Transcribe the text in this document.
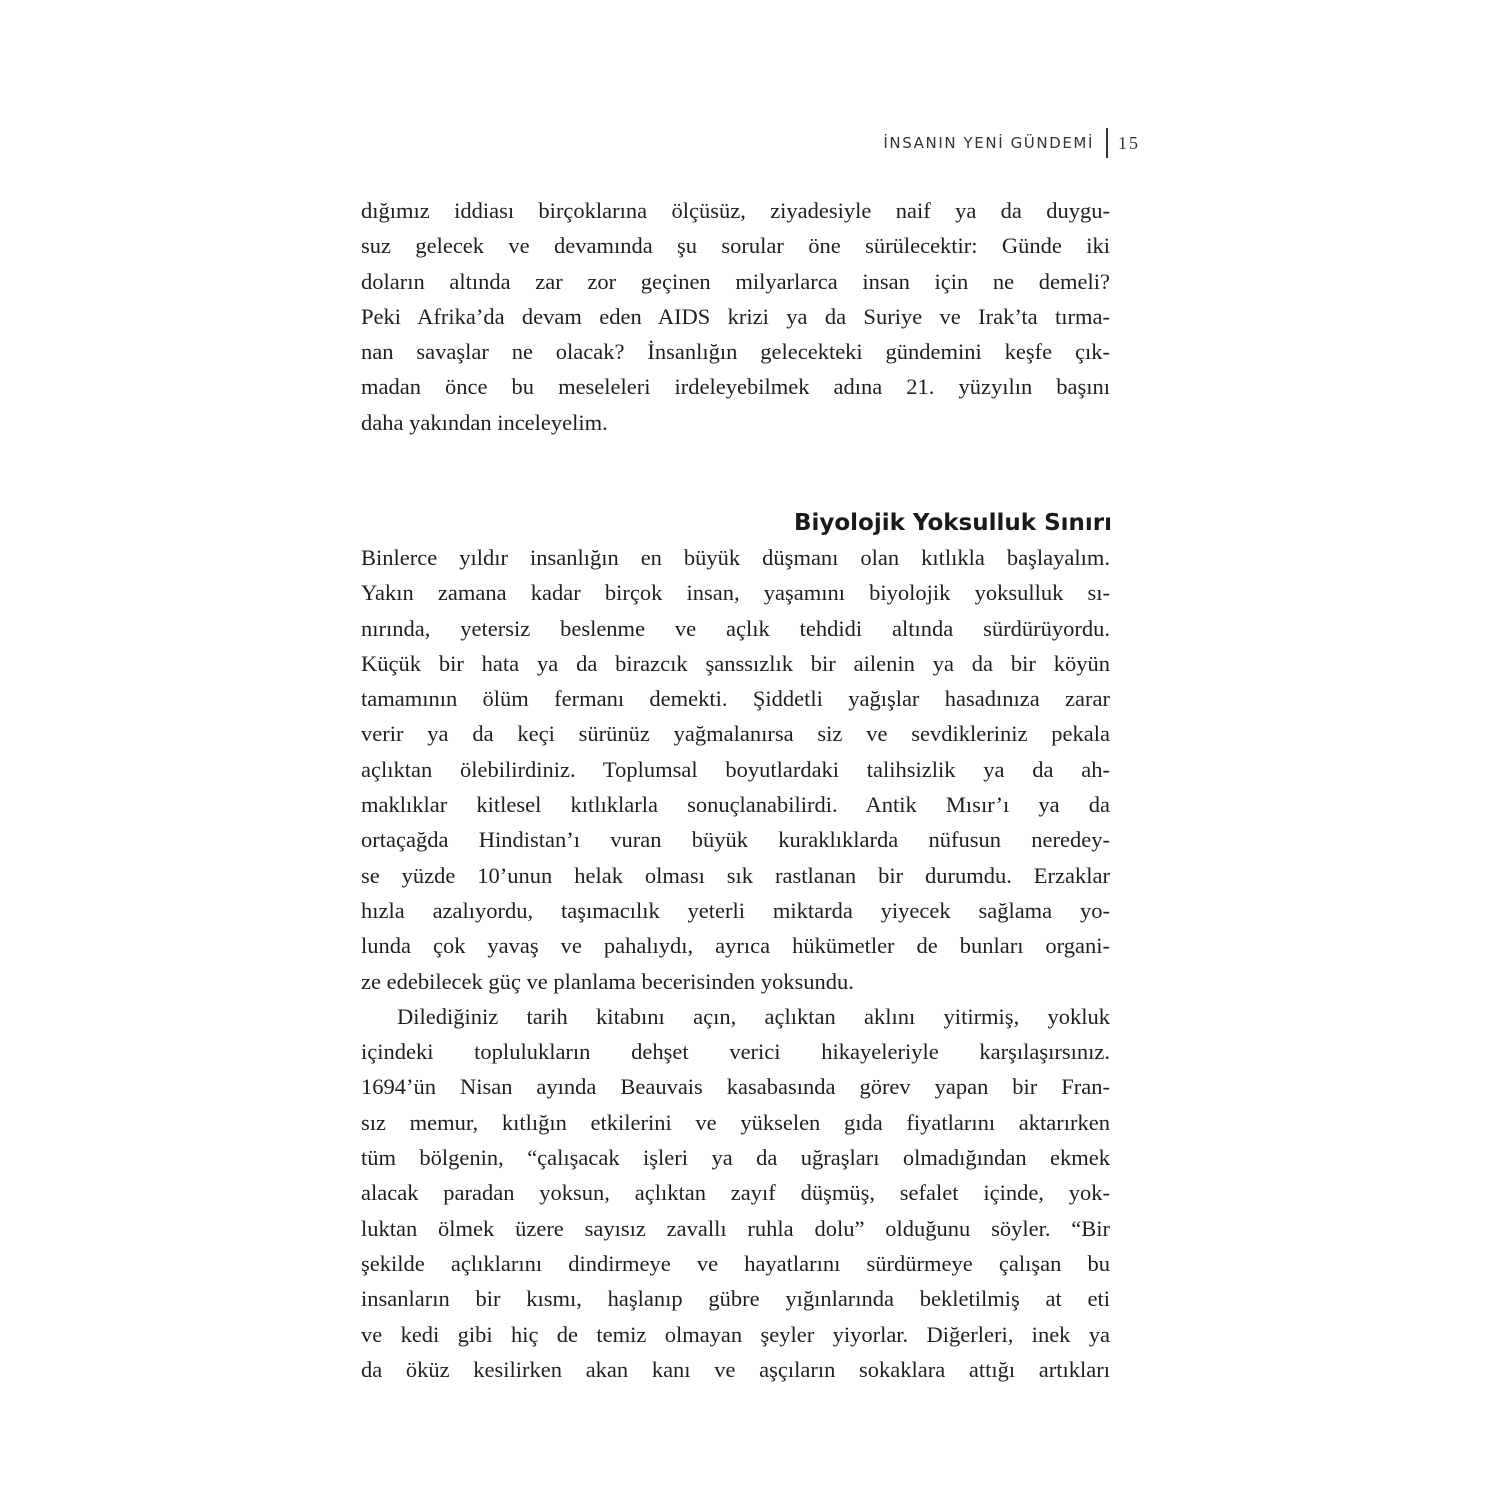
İNSANIN YENİ GÜNDEMİ	15
dığımız iddiası birçoklarına ölçüsüz, ziyadesiyle naif ya da duygu-
suz gelecek ve devamında şu sorular öne sürülecektir: Günde iki
doların altında zar zor geçinen milyarlarca insan için ne demeli?
Peki Afrika’da devam eden AIDS krizi ya da Suriye ve Irak’ta tırma-
nan savaşlar ne olacak? İnsanlığın gelecekteki gündemini keşfe çık-
madan önce bu meseleleri irdeleyebilmek adına 21. yüzyılın başını
daha yakından inceleyelim.
Biyolojik Yoksulluk Sınırı
Binlerce yıldır insanlığın en büyük düşmanı olan kıtlıkla başlayalım.
Yakın zamana kadar birçok insan, yaşamını biyolojik yoksulluk sı-
nırında, yetersiz beslenme ve açlık tehdidi altında sürdürüyordu.
Küçük bir hata ya da birazcık şanssızlık bir ailenin ya da bir köyün
tamamının ölüm fermanı demekti. Şiddetli yağışlar hasadınıza zarar
verir ya da keçi sürünüz yağmalanırsa siz ve sevdikleriniz pekala
açlıktan ölebilirdiniz. Toplumsal boyutlardaki talihsizlik ya da ah-
maklıklar kitlesel kıtlıklarla sonuçlanabilirdi. Antik Mısır’ı ya da
ortaçağda Hindistan’ı vuran büyük kuraklıklarda nüfusun neredey-
se yüzde 10’unun helak olması sık rastlanan bir durumdu. Erzaklar
hızla azalıyordu, taşımacılık yeterli miktarda yiyecek sağlama yo-
lunda çok yavaş ve pahalıydı, ayrıca hükümetler de bunları organi-
ze edebilecek güç ve planlama becerisinden yoksundu.
Dilediğiniz tarih kitabını açın, açlıktan aklını yitirmiş, yokluk
içindeki toplulukların dehşet verici hikayeleriyle karşılaşırsınız.
1694’ün Nisan ayında Beauvais kasabasında görev yapan bir Fran-
sız memur, kıtlığın etkilerini ve yükselen gıda fiyatlarını aktarırken
tüm bölgenin, “çalışacak işleri ya da uğraşları olmadığından ekmek
alacak paradan yoksun, açlıktan zayıf düşmüş, sefalet içinde, yok-
luktan ölmek üzere sayısız zavallı ruhla dolu” olduğunu söyler. “Bir
şekilde açlıklarını dindirmeye ve hayatlarını sürdürmeye çalışan bu
insanların bir kısmı, haşlanıp gübre yığınlarında bekletilmiş at eti
ve kedi gibi hiç de temiz olmayan şeyler yiyorlar. Diğerleri, inek ya
da öküz kesilirken akan kanı ve aşçıların sokaklara attığı artıkları
